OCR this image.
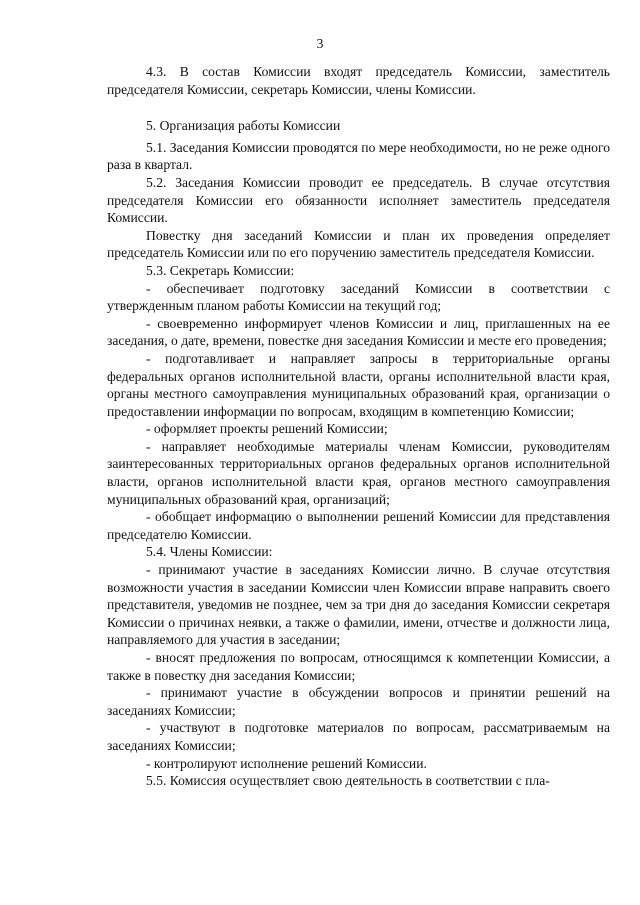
3

4.3. В состав Комиссии входят председатель Комиссии, заместитель председателя Комиссии, секретарь Комиссии, члены Комиссии.

5. Организация работы Комиссии

5.1. Заседания Комиссии проводятся по мере необходимости, но не реже одного раза в квартал.

5.2. Заседания Комиссии проводит ее председатель. В случае отсутствия председателя Комиссии его обязанности исполняет заместитель председателя Комиссии.

Повестку дня заседаний Комиссии и план их проведения определяет председатель Комиссии или по его поручению заместитель председателя Комиссии.

5.3. Секретарь Комиссии:

- обеспечивает подготовку заседаний Комиссии в соответствии с утвержденным планом работы Комиссии на текущий год;

- своевременно информирует членов Комиссии и лиц, приглашенных на ее заседания, о дате, времени, повестке дня заседания Комиссии и месте его проведения;

- подготавливает и направляет запросы в территориальные органы федеральных органов исполнительной власти, органы исполнительной власти края, органы местного самоуправления муниципальных образований края, организации о предоставлении информации по вопросам, входящим в компетенцию Комиссии;

- оформляет проекты решений Комиссии;

- направляет необходимые материалы членам Комиссии, руководителям заинтересованных территориальных органов федеральных органов исполнительной власти, органов исполнительной власти края, органов местного самоуправления муниципальных образований края, организаций;

- обобщает информацию о выполнении решений Комиссии для представления председателю Комиссии.

5.4. Члены Комиссии:

- принимают участие в заседаниях Комиссии лично. В случае отсутствия возможности участия в заседании Комиссии член Комиссии вправе направить своего представителя, уведомив не позднее, чем за три дня до заседания Комиссии секретаря Комиссии о причинах неявки, а также о фамилии, имени, отчестве и должности лица, направляемого для участия в заседании;

- вносят предложения по вопросам, относящимся к компетенции Комиссии, а также в повестку дня заседания Комиссии;

- принимают участие в обсуждении вопросов и принятии решений на заседаниях Комиссии;

- участвуют в подготовке материалов по вопросам, рассматриваемым на заседаниях Комиссии;

- контролируют исполнение решений Комиссии.

5.5. Комиссия осуществляет свою деятельность в соответствии с пла-
